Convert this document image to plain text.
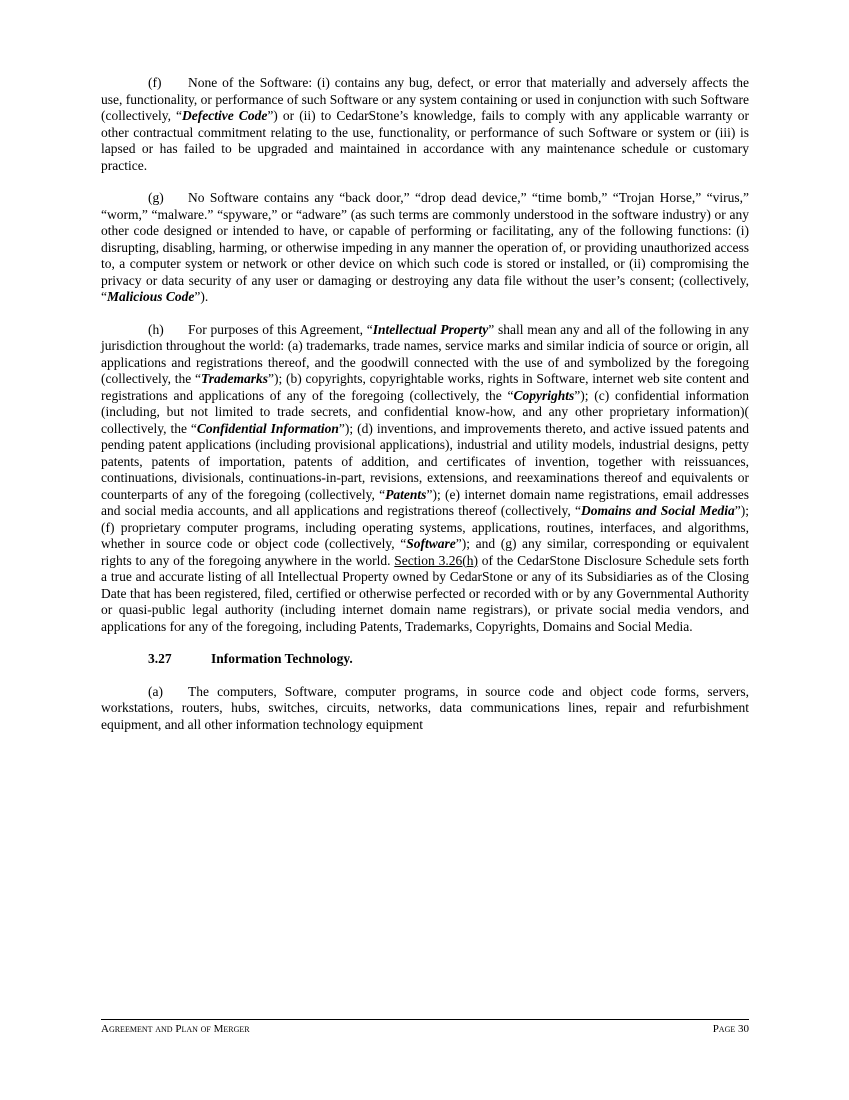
(f) None of the Software: (i) contains any bug, defect, or error that materially and adversely affects the use, functionality, or performance of such Software or any system containing or used in conjunction with such Software (collectively, “Defective Code”) or (ii) to CedarStone’s knowledge, fails to comply with any applicable warranty or other contractual commitment relating to the use, functionality, or performance of such Software or system or (iii) is lapsed or has failed to be upgraded and maintained in accordance with any maintenance schedule or customary practice.

(g) No Software contains any “back door,” “drop dead device,” “time bomb,” “Trojan Horse,” “virus,” “worm,” “malware.” “spyware,” or “adware” (as such terms are commonly understood in the software industry) or any other code designed or intended to have, or capable of performing or facilitating, any of the following functions: (i) disrupting, disabling, harming, or otherwise impeding in any manner the operation of, or providing unauthorized access to, a computer system or network or other device on which such code is stored or installed, or (ii) compromising the privacy or data security of any user or damaging or destroying any data file without the user’s consent; (collectively, “Malicious Code”).

(h) For purposes of this Agreement, “Intellectual Property” shall mean any and all of the following in any jurisdiction throughout the world: (a) trademarks, trade names, service marks and similar indicia of source or origin, all applications and registrations thereof, and the goodwill connected with the use of and symbolized by the foregoing (collectively, the “Trademarks”); (b) copyrights, copyrightable works, rights in Software, internet web site content and registrations and applications of any of the foregoing (collectively, the “Copyrights”); (c) confidential information (including, but not limited to trade secrets, and confidential know-how, and any other proprietary information)( collectively, the “Confidential Information”); (d) inventions, and improvements thereto, and active issued patents and pending patent applications (including provisional applications), industrial and utility models, industrial designs, petty patents, patents of importation, patents of addition, and certificates of invention, together with reissuances, continuations, divisionals, continuations-in-part, revisions, extensions, and reexaminations thereof and equivalents or counterparts of any of the foregoing (collectively, “Patents”); (e) internet domain name registrations, email addresses and social media accounts, and all applications and registrations thereof (collectively, “Domains and Social Media”); (f) proprietary computer programs, including operating systems, applications, routines, interfaces, and algorithms, whether in source code or object code (collectively, “Software”); and (g) any similar, corresponding or equivalent rights to any of the foregoing anywhere in the world. Section 3.26(h) of the CedarStone Disclosure Schedule sets forth a true and accurate listing of all Intellectual Property owned by CedarStone or any of its Subsidiaries as of the Closing Date that has been registered, filed, certified or otherwise perfected or recorded with or by any Governmental Authority or quasi-public legal authority (including internet domain name registrars), or private social media vendors, and applications for any of the foregoing, including Patents, Trademarks, Copyrights, Domains and Social Media.

3.27	Information Technology.

(a) The computers, Software, computer programs, in source code and object code forms, servers, workstations, routers, hubs, switches, circuits, networks, data communications lines, repair and refurbishment equipment, and all other information technology equipment

Agreement and Plan of Merger	Page 30
